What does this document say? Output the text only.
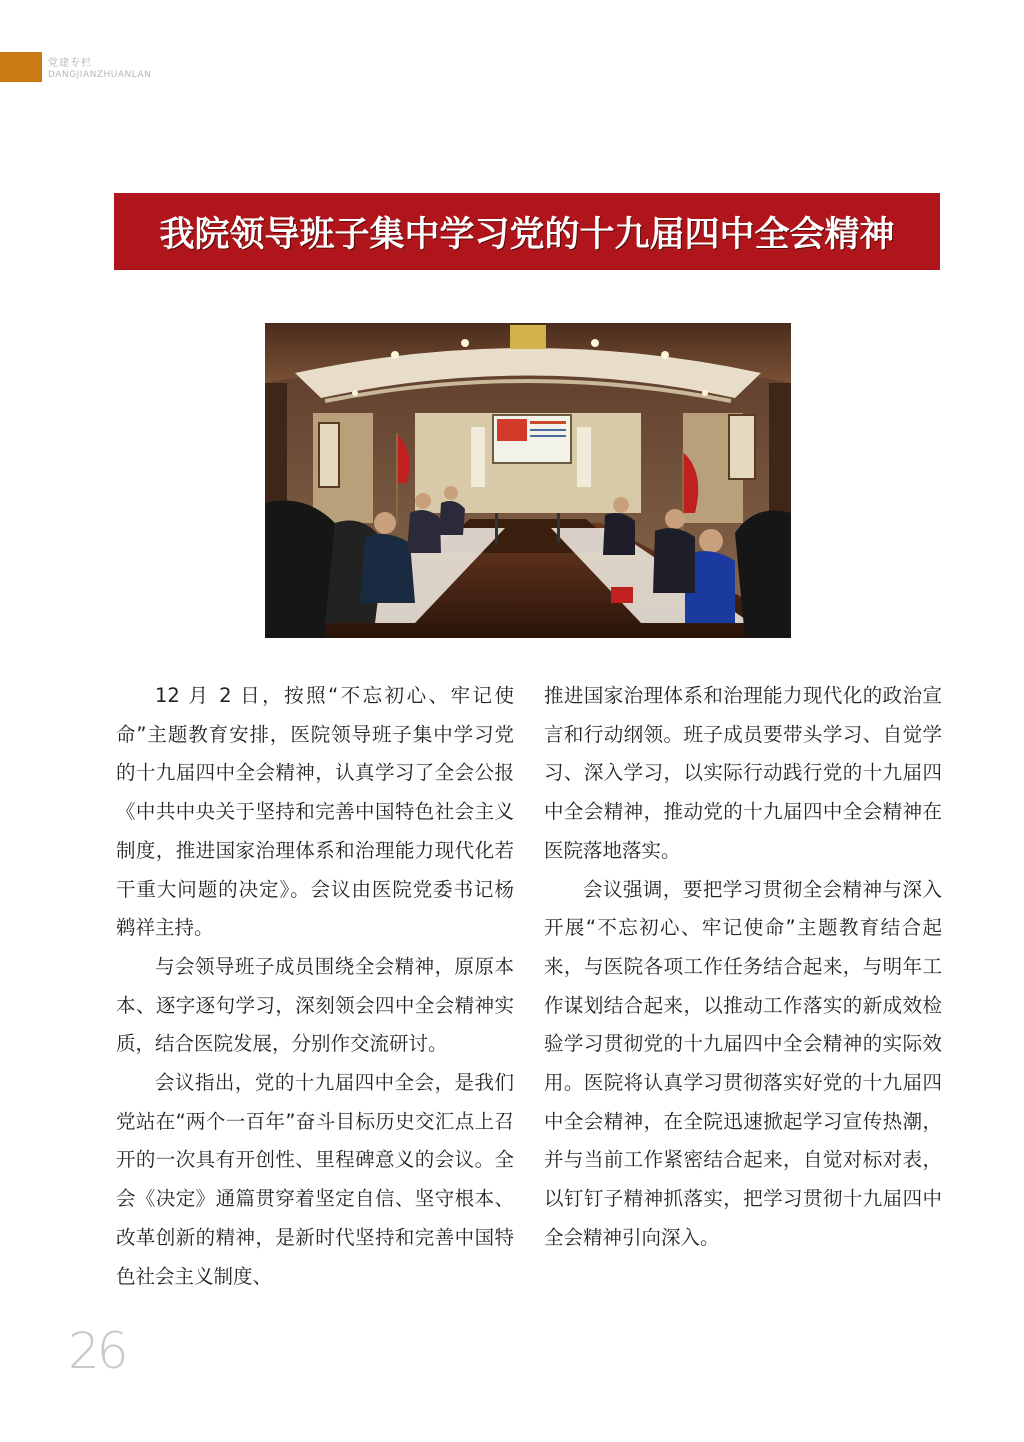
党建专栏
DANGJIANZHUANLAN
我院领导班子集中学习党的十九届四中全会精神

12 月 2 日，按照“不忘初心、牢记使命”主题教育安排，医院领导班子集中学习党的十九届四中全会精神，认真学习了全会公报《中共中央关于坚持和完善中国特色社会主义制度，推进国家治理体系和治理能力现代化若干重大问题的决定》。会议由医院党委书记杨鹈祥主持。

与会领导班子成员围绕全会精神，原原本本、逐字逐句学习，深刻领会四中全会精神实质，结合医院发展，分别作交流研讨。

会议指出，党的十九届四中全会，是我们党站在“两个一百年”奋斗目标历史交汇点上召开的一次具有开创性、里程碑意义的会议。全会《决定》通篇贯穿着坚定自信、坚守根本、改革创新的精神，是新时代坚持和完善中国特色社会主义制度、

推进国家治理体系和治理能力现代化的政治宣言和行动纲领。班子成员要带头学习、自觉学习、深入学习，以实际行动践行党的十九届四中全会精神，推动党的十九届四中全会精神在医院落地落实。

会议强调，要把学习贯彻全会精神与深入开展“不忘初心、牢记使命”主题教育结合起来，与医院各项工作任务结合起来，与明年工作谋划结合起来，以推动工作落实的新成效检验学习贯彻党的十九届四中全会精神的实际效用。医院将认真学习贯彻落实好党的十九届四中全会精神，在全院迅速掀起学习宣传热潮，并与当前工作紧密结合起来，自觉对标对表，以钉钉子精神抓落实，把学习贯彻十九届四中全会精神引向深入。

26
